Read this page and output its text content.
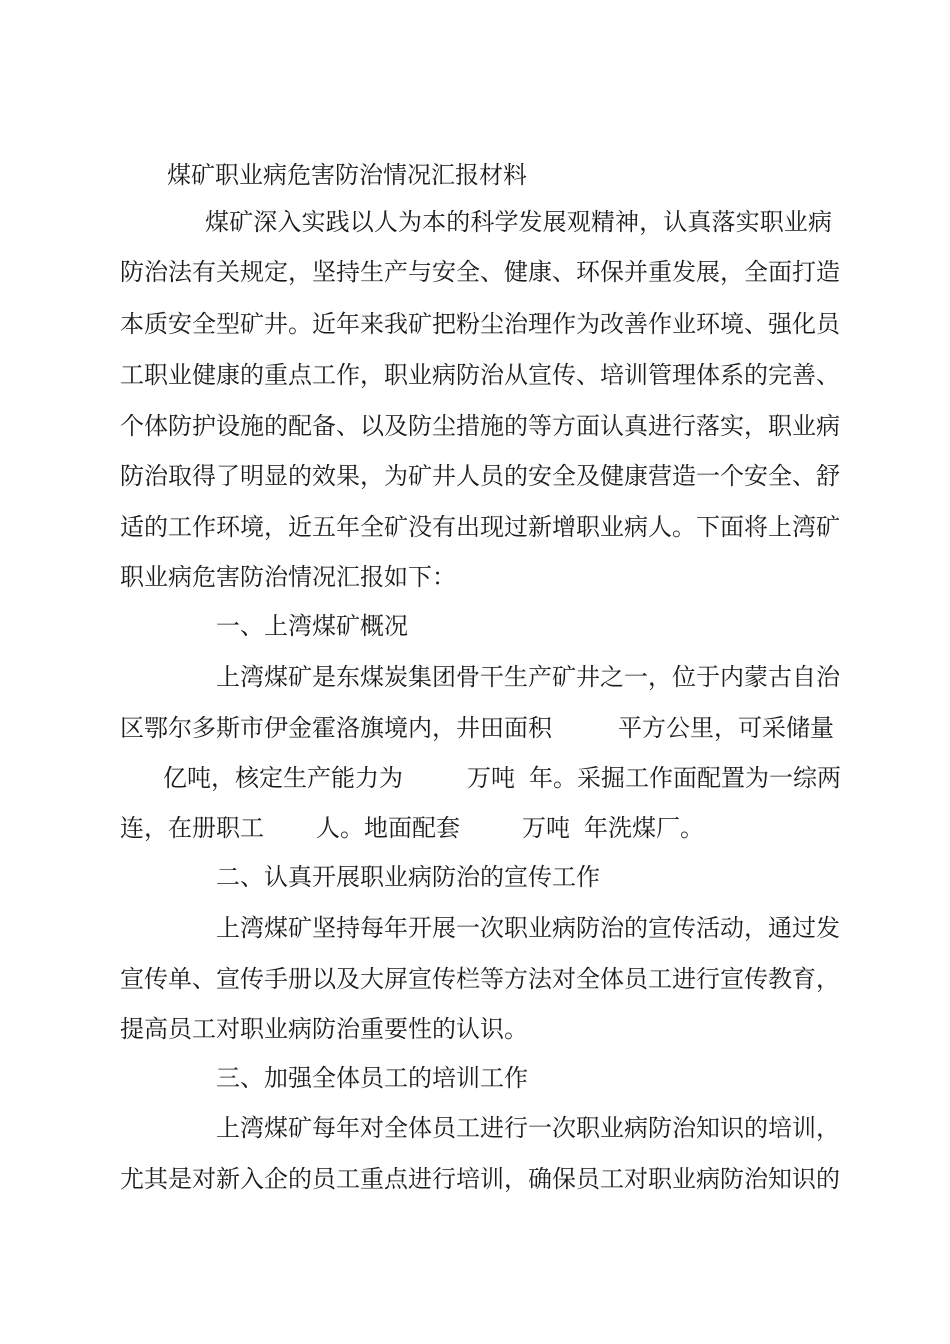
煤矿职业病危害防治情况汇报材料
煤矿深入实践以人为本的科学发展观精神，认真落实职业病
防治法有关规定，坚持生产与安全、健康、环保并重发展，全面打造
本质安全型矿井。近年来我矿把粉尘治理作为改善作业环境、强化员
工职业健康的重点工作，职业病防治从宣传、培训管理体系的完善、
个体防护设施的配备、以及防尘措施的等方面认真进行落实，职业病
防治取得了明显的效果，为矿井人员的安全及健康营造一个安全、舒
适的工作环境，近五年全矿没有出现过新增职业病人。下面将上湾矿
职业病危害防治情况汇报如下：
一、上湾煤矿概况
上湾煤矿是东煤炭集团骨干生产矿井之一，位于内蒙古自治
区鄂尔多斯市伊金霍洛旗境内，井田面积	平方公里，可采储量
亿吨，核定生产能力为	万吨 年。采掘工作面配置为一综两
连，在册职工 人。地面配套	万吨 年洗煤厂。
二、认真开展职业病防治的宣传工作
上湾煤矿坚持每年开展一次职业病防治的宣传活动，通过发
宣传单、宣传手册以及大屏宣传栏等方法对全体员工进行宣传教育，
提高员工对职业病防治重要性的认识。
三、加强全体员工的培训工作
上湾煤矿每年对全体员工进行一次职业病防治知识的培训，
尤其是对新入企的员工重点进行培训，确保员工对职业病防治知识的
